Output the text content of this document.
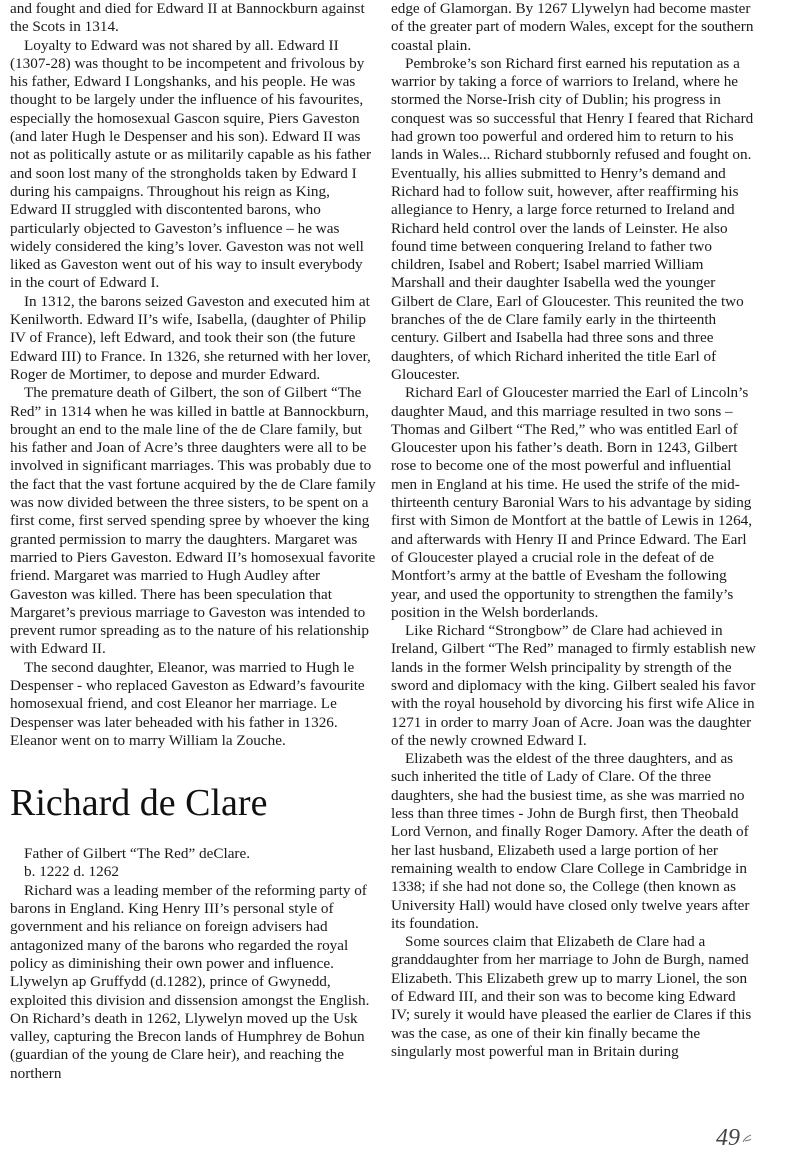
and fought and died for Edward II at Bannockburn against the Scots in 1314.

Loyalty to Edward was not shared by all. Edward II (1307-28) was thought to be incompetent and frivolous by his father, Edward I Longshanks, and his people. He was thought to be largely under the influence of his favourites, especially the homosexual Gascon squire, Piers Gaveston (and later Hugh le Despenser and his son). Edward II was not as politically astute or as militarily capable as his father and soon lost many of the strongholds taken by Edward I during his campaigns. Throughout his reign as King, Edward II struggled with discontented barons, who particularly objected to Gaveston’s influence – he was widely considered the king’s lover. Gaveston was not well liked as Gaveston went out of his way to insult everybody in the court of Edward I.

In 1312, the barons seized Gaveston and executed him at Kenilworth. Edward II’s wife, Isabella, (daughter of Philip IV of France), left Edward, and took their son (the future Edward III) to France. In 1326, she returned with her lover, Roger de Mortimer, to depose and murder Edward.

The premature death of Gilbert, the son of Gilbert “The Red” in 1314 when he was killed in battle at Bannockburn, brought an end to the male line of the de Clare family, but his father and Joan of Acre’s three daughters were all to be involved in significant marriages. This was probably due to the fact that the vast fortune acquired by the de Clare family was now divided between the three sisters, to be spent on a first come, first served spending spree by whoever the king granted permission to marry the daughters. Margaret was married to Piers Gaveston. Edward II’s homosexual favorite friend. Margaret was married to Hugh Audley after Gaveston was killed. There has been speculation that Margaret’s previous marriage to Gaveston was intended to prevent rumor spreading as to the nature of his relationship with Edward II.

The second daughter, Eleanor, was married to Hugh le Despenser - who replaced Gaveston as Edward’s favourite homosexual friend, and cost Eleanor her marriage. Le Despenser was later beheaded with his father in 1326. Eleanor went on to marry William la Zouche.

Richard de Clare

Father of Gilbert “The Red” deClare.

b. 1222 d. 1262

Richard was a leading member of the reforming party of barons in England. King Henry III’s personal style of government and his reliance on foreign advisers had antagonized many of the barons who regarded the royal policy as diminishing their own power and influence. Llywelyn ap Gruffydd (d.1282), prince of Gwynedd, exploited this division and dissension amongst the English. On Richard’s death in 1262, Llywelyn moved up the Usk valley, capturing the Brecon lands of Humphrey de Bohun (guardian of the young de Clare heir), and reaching the northern

edge of Glamorgan. By 1267 Llywelyn had become master of the greater part of modern Wales, except for the southern coastal plain.

Pembroke’s son Richard first earned his reputation as a warrior by taking a force of warriors to Ireland, where he stormed the Norse-Irish city of Dublin; his progress in conquest was so successful that Henry I feared that Richard had grown too powerful and ordered him to return to his lands in Wales... Richard stubbornly refused and fought on. Eventually, his allies submitted to Henry’s demand and Richard had to follow suit, however, after reaffirming his allegiance to Henry, a large force returned to Ireland and Richard held control over the lands of Leinster. He also found time between conquering Ireland to father two children, Isabel and Robert; Isabel married William Marshall and their daughter Isabella wed the younger Gilbert de Clare, Earl of Gloucester. This reunited the two branches of the de Clare family early in the thirteenth century. Gilbert and Isabella had three sons and three daughters, of which Richard inherited the title Earl of Gloucester.

Richard Earl of Gloucester married the Earl of Lincoln’s daughter Maud, and this marriage resulted in two sons – Thomas and Gilbert “The Red,” who was entitled Earl of Gloucester upon his father’s death. Born in 1243, Gilbert rose to become one of the most powerful and influential men in England at his time. He used the strife of the mid-thirteenth century Baronial Wars to his advantage by siding first with Simon de Montfort at the battle of Lewis in 1264, and afterwards with Henry II and Prince Edward. The Earl of Gloucester played a crucial role in the defeat of de Montfort’s army at the battle of Evesham the following year, and used the opportunity to strengthen the family’s position in the Welsh borderlands.

Like Richard “Strongbow” de Clare had achieved in Ireland, Gilbert “The Red” managed to firmly establish new lands in the former Welsh principality by strength of the sword and diplomacy with the king. Gilbert sealed his favor with the royal household by divorcing his first wife Alice in 1271 in order to marry Joan of Acre. Joan was the daughter of the newly crowned Edward I.

Elizabeth was the eldest of the three daughters, and as such inherited the title of Lady of Clare. Of the three daughters, she had the busiest time, as she was married no less than three times - John de Burgh first, then Theobald Lord Vernon, and finally Roger Damory. After the death of her last husband, Elizabeth used a large portion of her remaining wealth to endow Clare College in Cambridge in 1338; if she had not done so, the College (then known as University Hall) would have closed only twelve years after its foundation.

Some sources claim that Elizabeth de Clare had a granddaughter from her marriage to John de Burgh, named Elizabeth. This Elizabeth grew up to marry Lionel, the son of Edward III, and their son was to become king Edward IV; surely it would have pleased the earlier de Clares if this was the case, as one of their kin finally became the singularly most powerful man in Britain during

49
